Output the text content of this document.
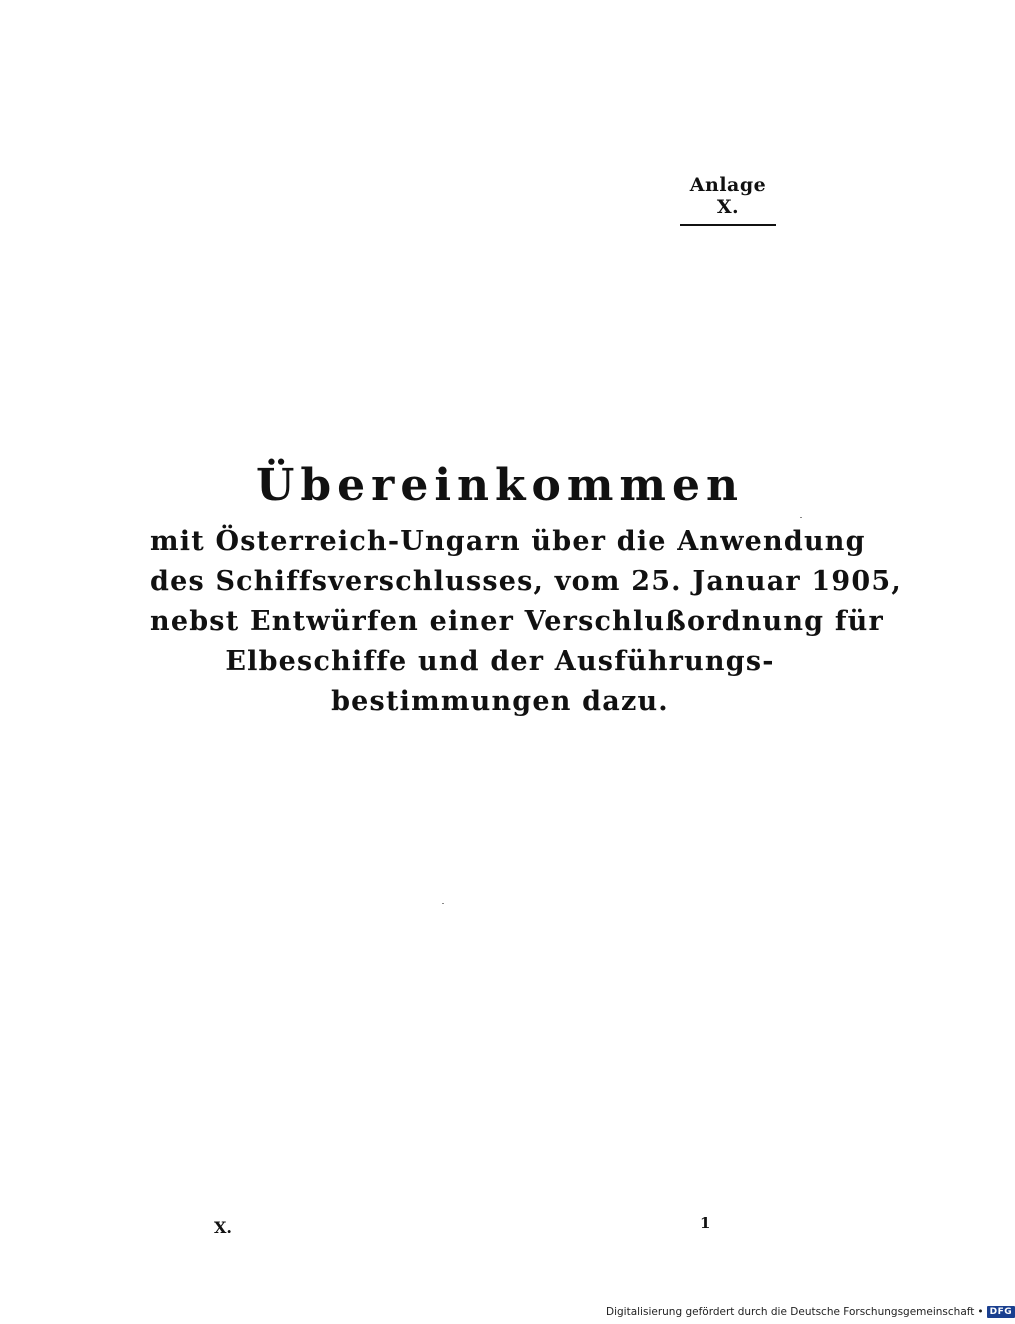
Anlage X.
Übereinkommen
mit Österreich-Ungarn über die Anwendung
des Schiffsverschlusses, vom 25. Januar 1905,
nebst Entwürfen einer Verschlußordnung für
Elbeschiffe und der Ausführungs-
bestimmungen dazu.
X.	1
Digitalisierung gefördert durch die Deutsche Forschungsgemeinschaft • DFG
